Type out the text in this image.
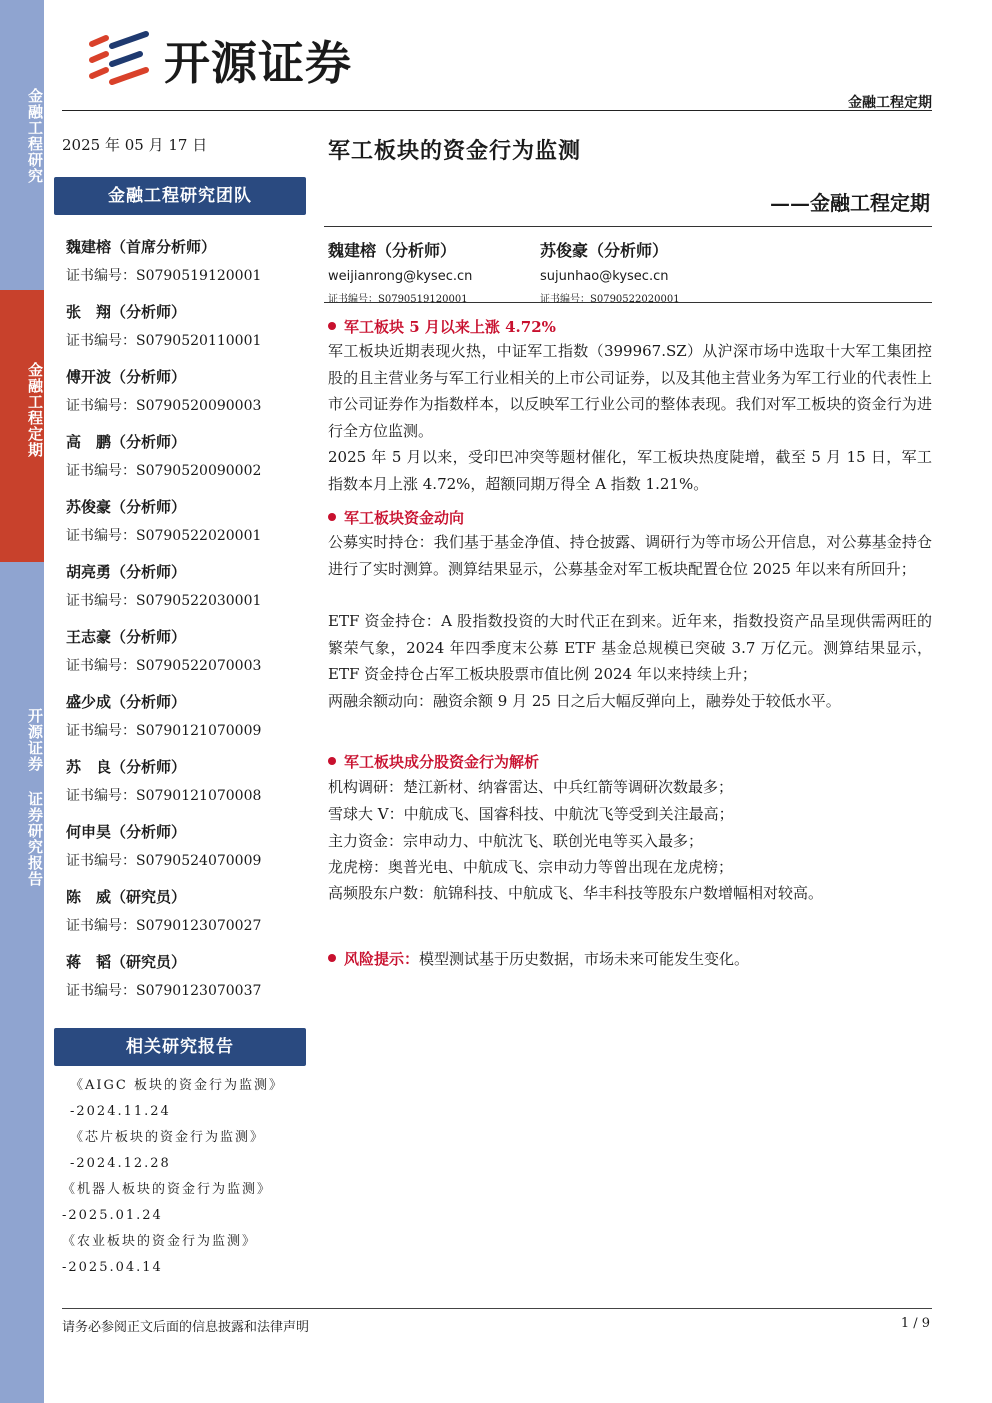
金融工程研究
金融工程定期
开源证券 证券研究报告
开源证券
金融工程定期
2025 年 05 月 17 日	军工板块的资金行为监测
——金融工程定期
金融工程研究团队
魏建榕（首席分析师）
证书编号：S0790519120001
张　翔（分析师）
证书编号：S0790520110001
傅开波（分析师）
证书编号：S0790520090003
高　鹏（分析师）
证书编号：S0790520090002
苏俊豪（分析师）
证书编号：S0790522020001
胡亮勇（分析师）
证书编号：S0790522030001
王志豪（分析师）
证书编号：S0790522070003
盛少成（分析师）
证书编号：S0790121070009
苏　良（分析师）
证书编号：S0790121070008
何申昊（分析师）
证书编号：S0790524070009
陈　威（研究员）
证书编号：S0790123070027
蒋　韬（研究员）
证书编号：S0790123070037
相关研究报告
《AIGC 板块的资金行为监测》
-2024.11.24
《芯片板块的资金行为监测》
-2024.12.28
《机器人板块的资金行为监测》
-2025.01.24
《农业板块的资金行为监测》
-2025.04.14
魏建榕（分析师）
weijianrong@kysec.cn
证书编号：S0790519120001
苏俊豪（分析师）
sujunhao@kysec.cn
证书编号：S0790522020001
军工板块 5 月以来上涨 4.72%
军工板块近期表现火热，中证军工指数（399967.SZ）从沪深市场中选取十大军工集团控股的且主营业务与军工行业相关的上市公司证券，以及其他主营业务为军工行业的代表性上市公司证券作为指数样本，以反映军工行业公司的整体表现。我们对军工板块的资金行为进行全方位监测。
2025 年 5 月以来，受印巴冲突等题材催化，军工板块热度陡增，截至 5 月 15 日，军工指数本月上涨 4.72%，超额同期万得全 A 指数 1.21%。
军工板块资金动向
公募实时持仓：我们基于基金净值、持仓披露、调研行为等市场公开信息，对公募基金持仓进行了实时测算。测算结果显示，公募基金对军工板块配置仓位 2025 年以来有所回升；
ETF 资金持仓：A 股指数投资的大时代正在到来。近年来，指数投资产品呈现供需两旺的繁荣气象，2024 年四季度末公募 ETF 基金总规模已突破 3.7 万亿元。测算结果显示，ETF 资金持仓占军工板块股票市值比例 2024 年以来持续上升；
两融余额动向：融资余额 9 月 25 日之后大幅反弹向上，融券处于较低水平。
军工板块成分股资金行为解析
机构调研：楚江新材、纳睿雷达、中兵红箭等调研次数最多；
雪球大 V：中航成飞、国睿科技、中航沈飞等受到关注最高；
主力资金：宗申动力、中航沈飞、联创光电等买入最多；
龙虎榜：奥普光电、中航成飞、宗申动力等曾出现在龙虎榜；
高频股东户数：航锦科技、中航成飞、华丰科技等股东户数增幅相对较高。
风险提示：模型测试基于历史数据，市场未来可能发生变化。
请务必参阅正文后面的信息披露和法律声明	1 / 9
